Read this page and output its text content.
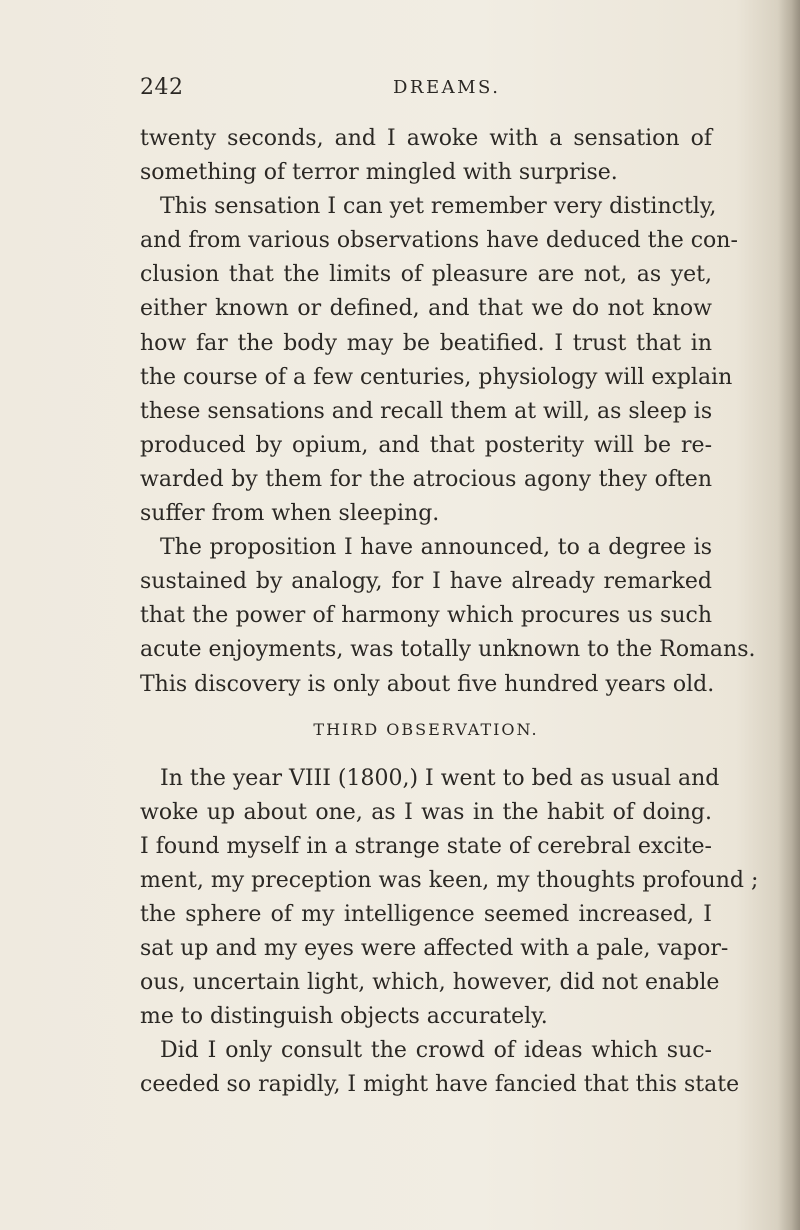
242	DREAMS.
twenty seconds, and I awoke with a sensation of
something of terror mingled with surprise.
This sensation I can yet remember very distinctly,
and from various observations have deduced the con-
clusion that the limits of pleasure are not, as yet,
either known or defined, and that we do not know
how far the body may be beatified. I trust that in
the course of a few centuries, physiology will explain
these sensations and recall them at will, as sleep is
produced by opium, and that posterity will be re-
warded by them for the atrocious agony they often
suffer from when sleeping.
The proposition I have announced, to a degree is
sustained by analogy, for I have already remarked
that the power of harmony which procures us such
acute enjoyments, was totally unknown to the Romans.
This discovery is only about five hundred years old.
THIRD OBSERVATION.
In the year VIII (1800,) I went to bed as usual and
woke up about one, as I was in the habit of doing.
I found myself in a strange state of cerebral excite-
ment, my preception was keen, my thoughts profound ;
the sphere of my intelligence seemed increased, I
sat up and my eyes were affected with a pale, vapor-
ous, uncertain light, which, however, did not enable
me to distinguish objects accurately.
Did I only consult the crowd of ideas which suc-
ceeded so rapidly, I might have fancied that this state
